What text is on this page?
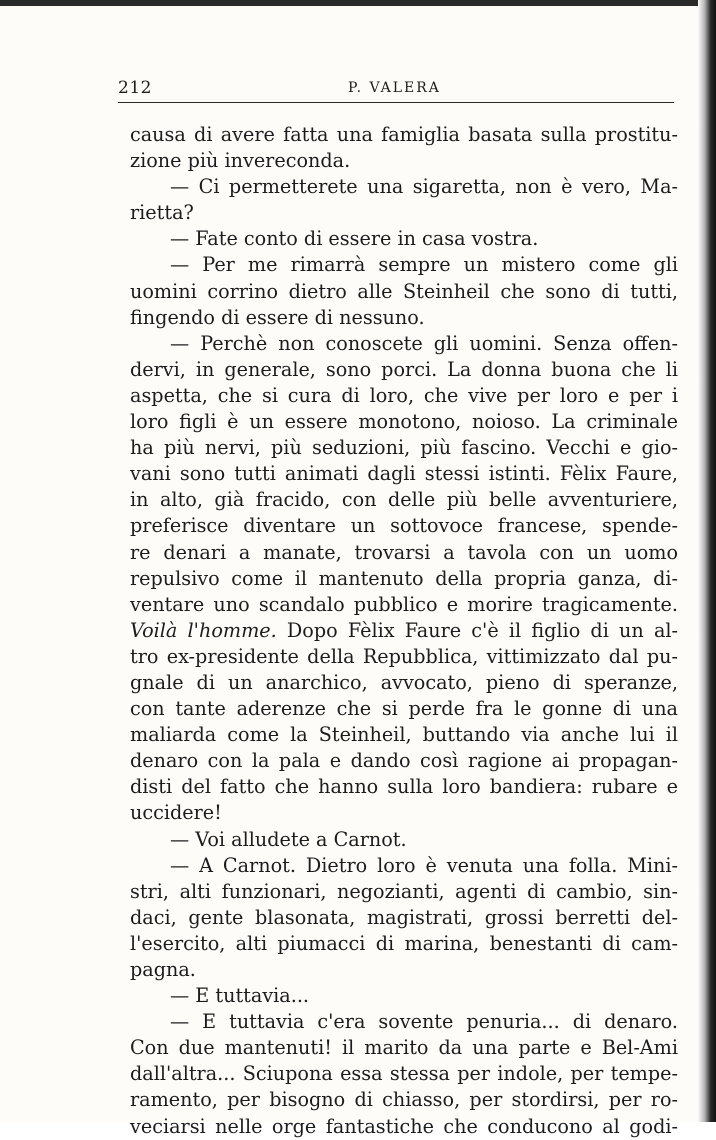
212	P. VALERA
causa di avere fatta una famiglia basata sulla prostitu-
zione più invereconda.
— Ci permetterete una sigaretta, non è vero, Ma-
rietta?
— Fate conto di essere in casa vostra.
— Per me rimarrà sempre un mistero come gli
uomini corrino dietro alle Steinheil che sono di tutti,
fingendo di essere di nessuno.
— Perchè non conoscete gli uomini. Senza offen-
dervi, in generale, sono porci. La donna buona che li
aspetta, che si cura di loro, che vive per loro e per i
loro figli è un essere monotono, noioso. La criminale
ha più nervi, più seduzioni, più fascino. Vecchi e gio-
vani sono tutti animati dagli stessi istinti. Fèlix Faure,
in alto, già fracido, con delle più belle avventuriere,
preferisce diventare un sottovoce francese, spende-
re denari a manate, trovarsi a tavola con un uomo
repulsivo come il mantenuto della propria ganza, di-
ventare uno scandalo pubblico e morire tragicamente.
Voilà l'homme. Dopo Fèlix Faure c'è il figlio di un al-
tro ex-presidente della Repubblica, vittimizzato dal pu-
gnale di un anarchico, avvocato, pieno di speranze,
con tante aderenze che si perde fra le gonne di una
maliarda come la Steinheil, buttando via anche lui il
denaro con la pala e dando così ragione ai propagan-
disti del fatto che hanno sulla loro bandiera: rubare e
uccidere!
— Voi alludete a Carnot.
— A Carnot. Dietro loro è venuta una folla. Mini-
stri, alti funzionari, negozianti, agenti di cambio, sin-
daci, gente blasonata, magistrati, grossi berretti del-
l'esercito, alti piumacci di marina, benestanti di cam-
pagna.
— E tuttavia...
— E tuttavia c'era sovente penuria... di denaro.
Con due mantenuti! il marito da una parte e Bel-Ami
dall'altra... Sciupona essa stessa per indole, per tempe-
ramento, per bisogno di chiasso, per stordirsi, per ro-
veciarsi nelle orge fantastiche che conducono al godi-
